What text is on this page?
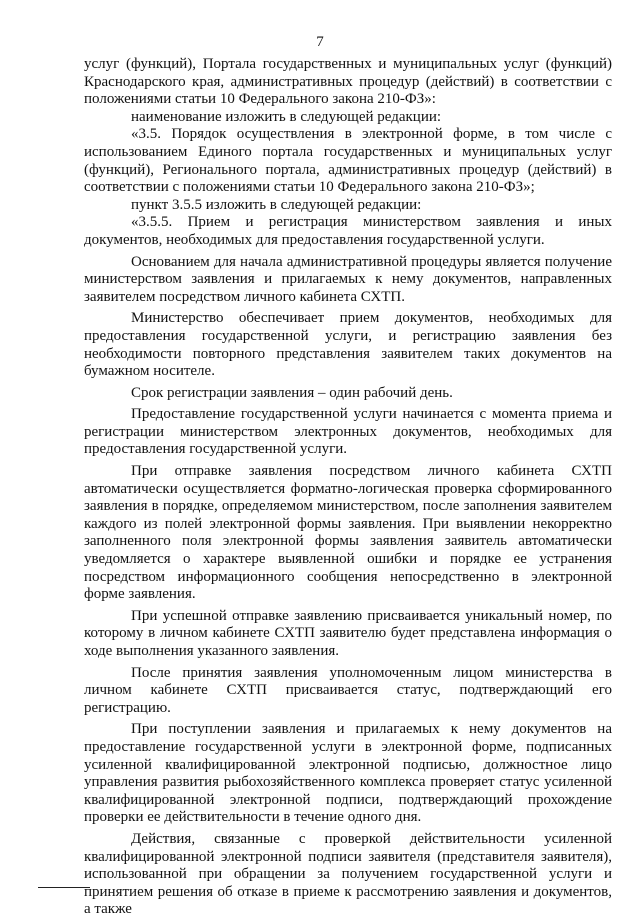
7

услуг (функций), Портала государственных и муниципальных услуг (функций) Краснодарского края, административных процедур (действий) в соответствии с положениями статьи 10 Федерального закона 210-ФЗ»:

наименование изложить в следующей редакции:

«3.5. Порядок осуществления в электронной форме, в том числе с использованием Единого портала государственных и муниципальных услуг (функций), Регионального портала, административных процедур (действий) в соответствии с положениями статьи 10 Федерального закона 210-ФЗ»;

пункт 3.5.5 изложить в следующей редакции:

«3.5.5. Прием и регистрация министерством заявления и иных документов, необходимых для предоставления государственной услуги.

Основанием для начала административной процедуры является получение министерством заявления и прилагаемых к нему документов, направленных заявителем посредством личного кабинета СХТП.

Министерство обеспечивает прием документов, необходимых для предоставления государственной услуги, и регистрацию заявления без необходимости повторного представления заявителем таких документов на бумажном носителе.

Срок регистрации заявления – один рабочий день.

Предоставление государственной услуги начинается с момента приема и регистрации министерством электронных документов, необходимых для предоставления государственной услуги.

При отправке заявления посредством личного кабинета СХТП автоматически осуществляется форматно-логическая проверка сформированного заявления в порядке, определяемом министерством, после заполнения заявителем каждого из полей электронной формы заявления. При выявлении некорректно заполненного поля электронной формы заявления заявитель автоматически уведомляется о характере выявленной ошибки и порядке ее устранения посредством информационного сообщения непосредственно в электронной форме заявления.

При успешной отправке заявлению присваивается уникальный номер, по которому в личном кабинете СХТП заявителю будет представлена информация о ходе выполнения указанного заявления.

После принятия заявления уполномоченным лицом министерства в личном кабинете СХТП присваивается статус, подтверждающий его регистрацию.

При поступлении заявления и прилагаемых к нему документов на предоставление государственной услуги в электронной форме, подписанных усиленной квалифицированной электронной подписью, должностное лицо управления развития рыбохозяйственного комплекса проверяет статус усиленной квалифицированной электронной подписи, подтверждающий прохождение проверки ее действительности в течение одного дня.

Действия, связанные с проверкой действительности усиленной квалифицированной электронной подписи заявителя (представителя заявителя), использованной при обращении за получением государственной услуги и принятием решения об отказе в приеме к рассмотрению заявления и документов, а также
